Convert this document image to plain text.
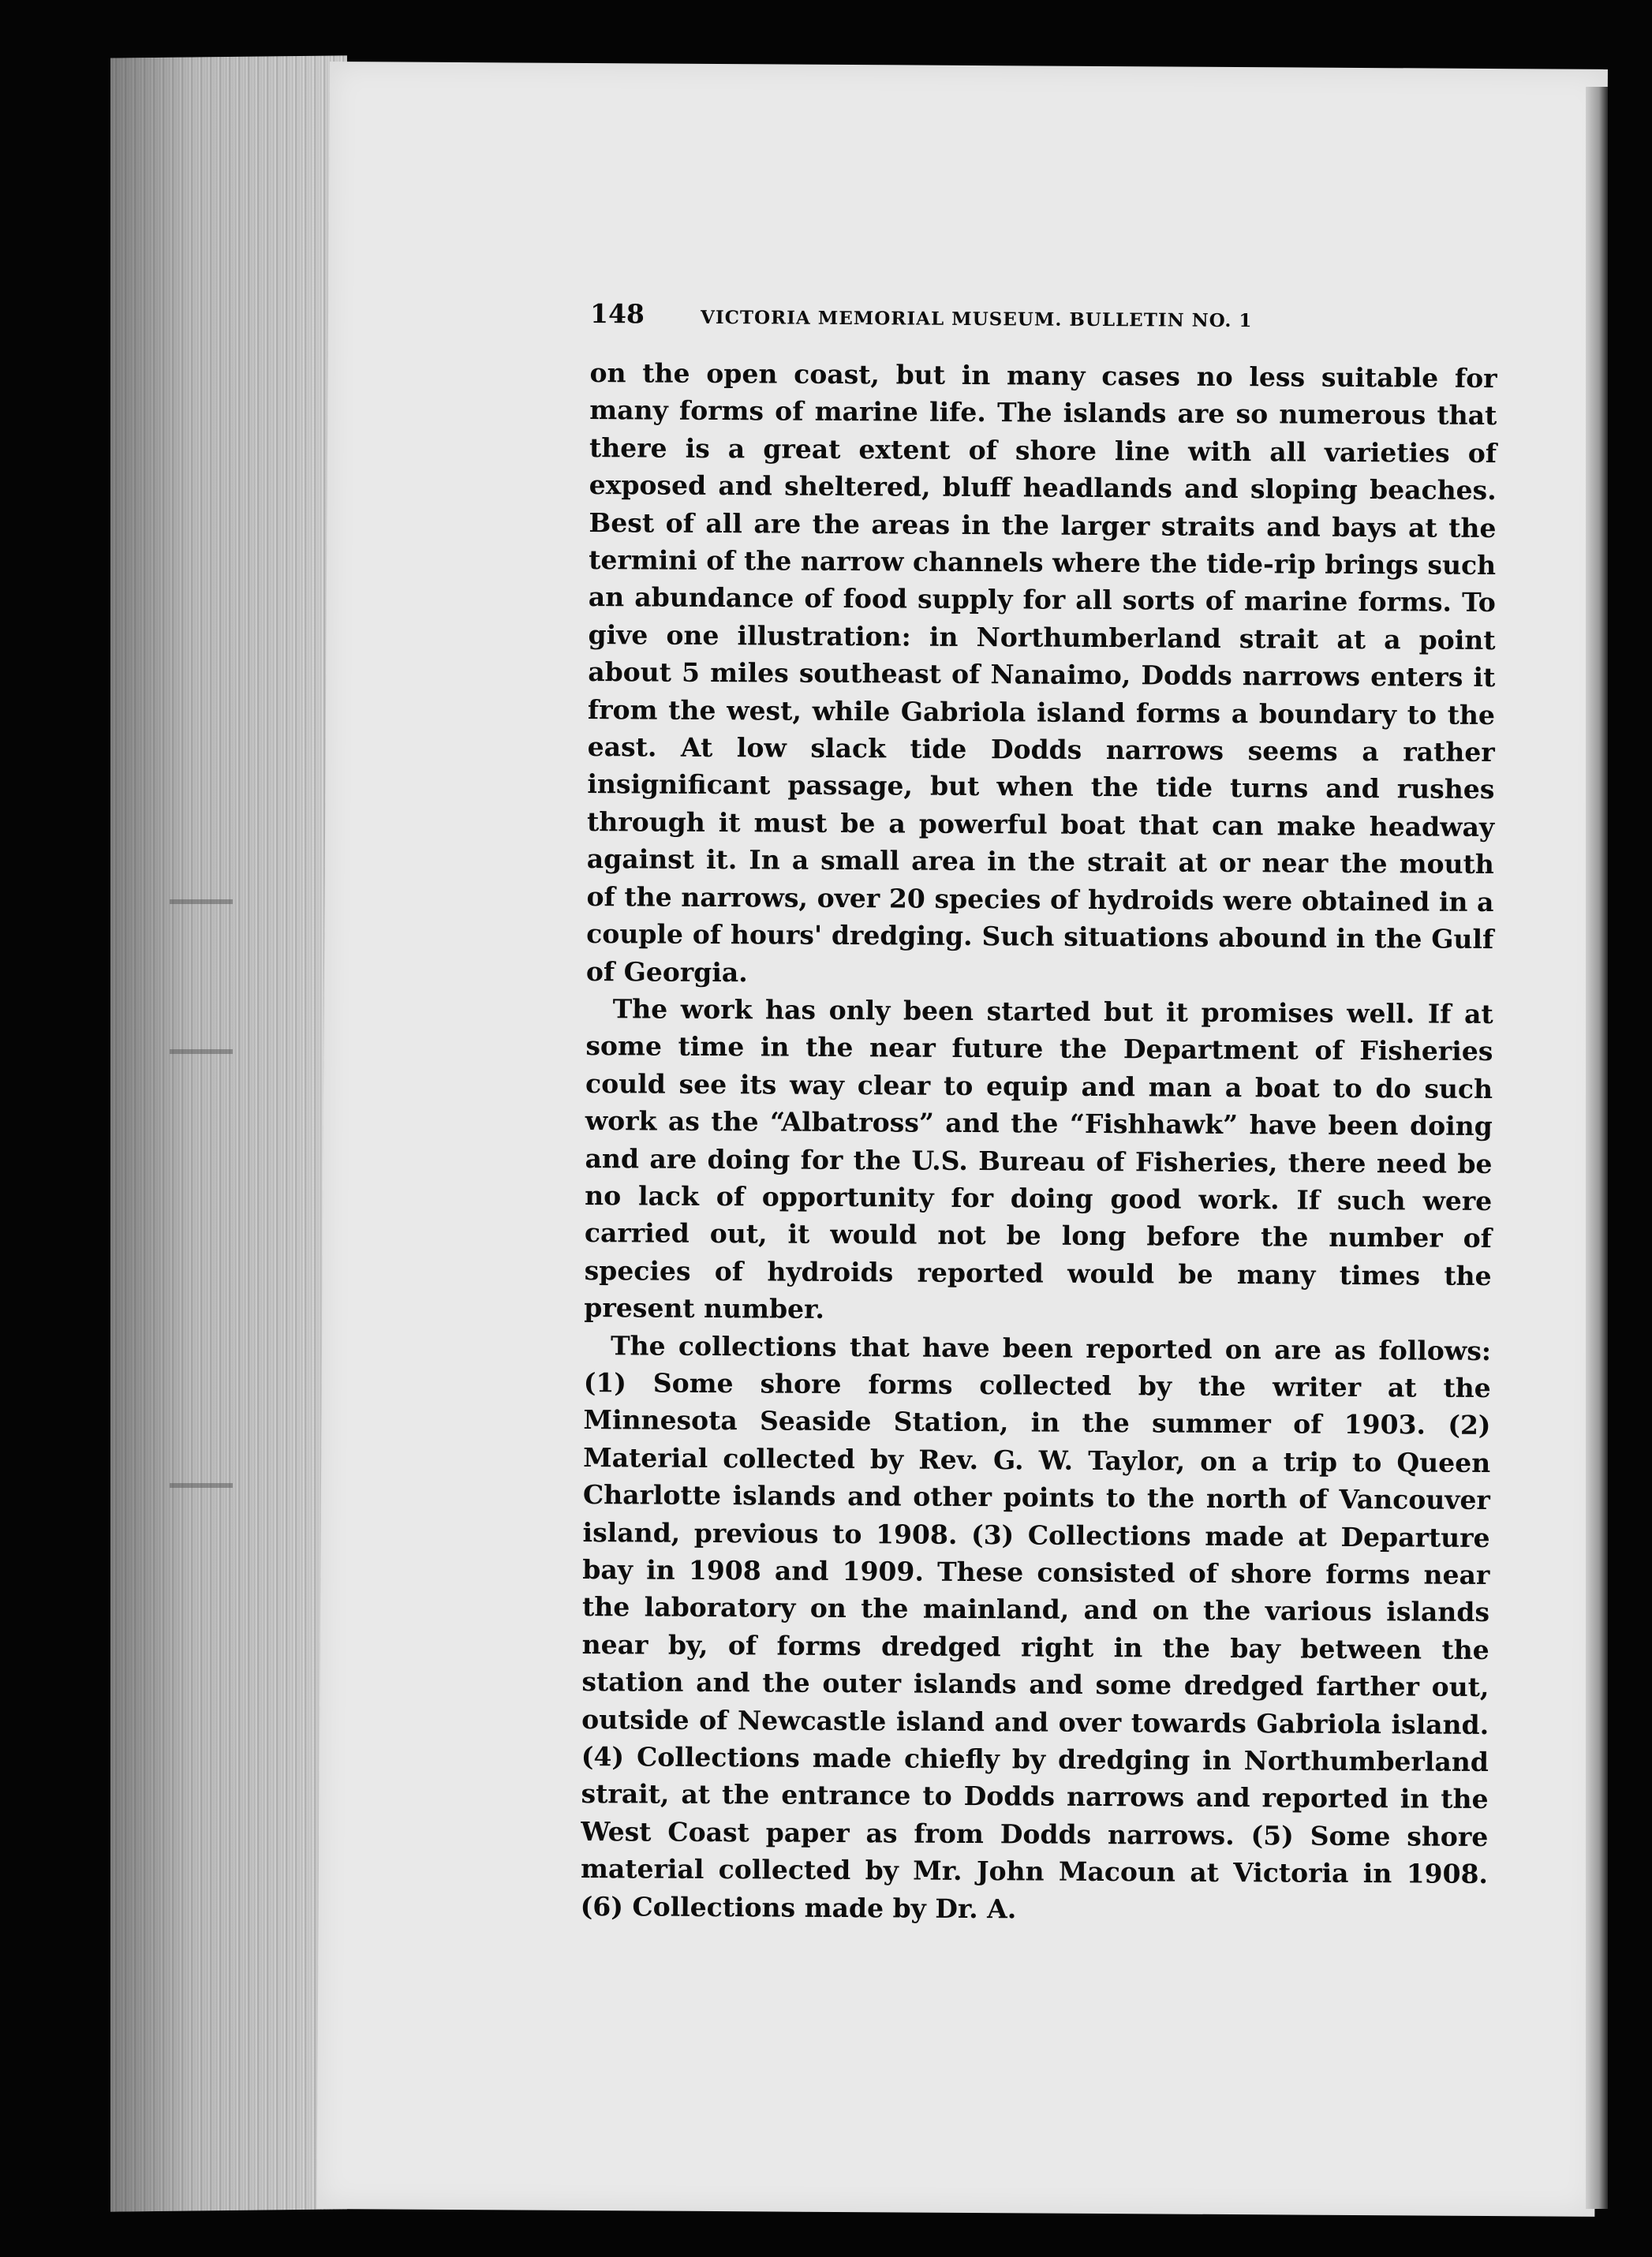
148	VICTORIA MEMORIAL MUSEUM. BULLETIN NO. 1

on the open coast, but in many cases no less suitable for many forms of marine life. The islands are so numerous that there is a great extent of shore line with all varieties of exposed and sheltered, bluff headlands and sloping beaches. Best of all are the areas in the larger straits and bays at the termini of the narrow channels where the tide-rip brings such an abundance of food supply for all sorts of marine forms. To give one illustration: in Northumberland strait at a point about 5 miles southeast of Nanaimo, Dodds narrows enters it from the west, while Gabriola island forms a boundary to the east. At low slack tide Dodds narrows seems a rather insignificant passage, but when the tide turns and rushes through it must be a powerful boat that can make headway against it. In a small area in the strait at or near the mouth of the narrows, over 20 species of hydroids were obtained in a couple of hours' dredging. Such situations abound in the Gulf of Georgia.

The work has only been started but it promises well. If at some time in the near future the Department of Fisheries could see its way clear to equip and man a boat to do such work as the “Albatross” and the “Fishhawk” have been doing and are doing for the U.S. Bureau of Fisheries, there need be no lack of opportunity for doing good work. If such were carried out, it would not be long before the number of species of hydroids reported would be many times the present number.

The collections that have been reported on are as follows: (1) Some shore forms collected by the writer at the Minnesota Seaside Station, in the summer of 1903. (2) Material collected by Rev. G. W. Taylor, on a trip to Queen Charlotte islands and other points to the north of Vancouver island, previous to 1908. (3) Collections made at Departure bay in 1908 and 1909. These consisted of shore forms near the laboratory on the mainland, and on the various islands near by, of forms dredged right in the bay between the station and the outer islands and some dredged farther out, outside of Newcastle island and over towards Gabriola island. (4) Collections made chiefly by dredging in Northumberland strait, at the entrance to Dodds narrows and reported in the West Coast paper as from Dodds narrows. (5) Some shore material collected by Mr. John Macoun at Victoria in 1908. (6) Collections made by Dr. A.
